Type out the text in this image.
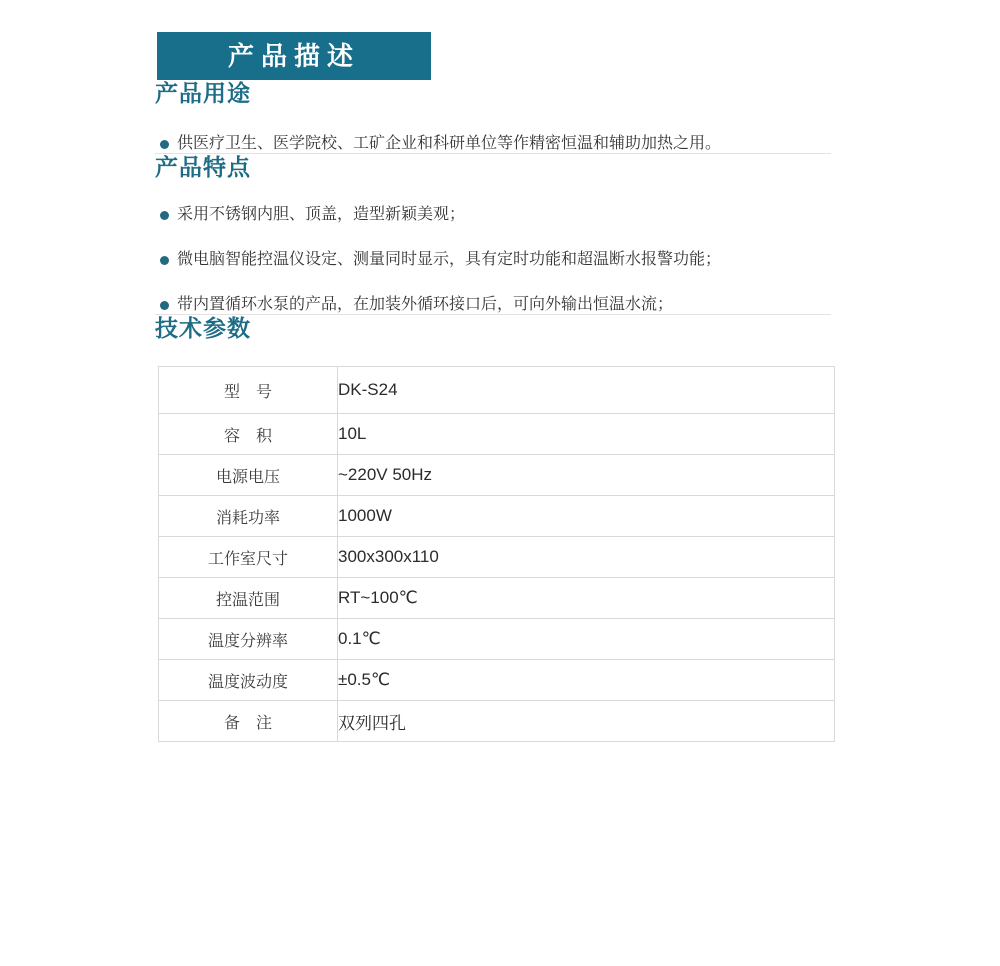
产品描述
产品用途
供医疗卫生、医学院校、工矿企业和科研单位等作精密恒温和辅助加热之用。
产品特点
采用不锈钢内胆、顶盖，造型新颖美观；
微电脑智能控温仪设定、测量同时显示，具有定时功能和超温断水报警功能；
带内置循环水泵的产品，在加装外循环接口后，可向外输出恒温水流；
技术参数
型　号	DK-S24
容　积	10L
电源电压	~220V 50Hz
消耗功率	1000W
工作室尺寸	300x300x110
控温范围	RT~100℃
温度分辨率	0.1℃
温度波动度	±0.5℃
备　注	双列四孔
